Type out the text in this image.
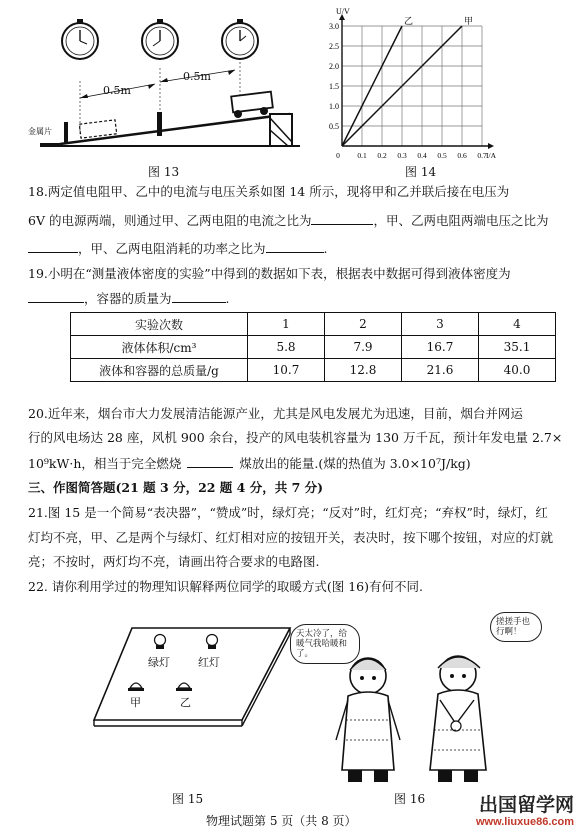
0.5m
0.5m
金属片
图 13
0.5
1.0
1.5
2.0
2.5
3.0
0 0.1 0.2 0.3 0.4 0.5 0.6 0.7
U/V
I/A
乙	甲
图 14
18.两定值电阻甲、乙中的电流与电压关系如图 14 所示，现将甲和乙并联后接在电压为
6V 的电源两端，则通过甲、乙两电阻的电流之比为	，甲、乙两电阻两端电压之比为
，甲、乙两电阻消耗的功率之比为	.
19.小明在“测量液体密度的实验”中得到的数据如下表，根据表中数据可得到液体密度为
，容器的质量为	.
实验次数	1	2	3	4
液体体积/cm³	5.8	7.9	16.7	35.1
液体和容器的总质量/g	10.7	12.8	21.6	40.0
20.近年来，烟台市大力发展清洁能源产业，尤其是风电发展尤为迅速，目前，烟台并网运
行的风电场达 28 座，风机 900 余台，投产的风电装机容量为 130 万千瓦，预计年发电量 2.7×
10⁹kW·h，相当于完全燃烧	煤放出的能量.(煤的热值为 3.0×10⁷J/kg)
三、作图简答题(21 题 3 分，22 题 4 分，共 7 分)
21.图 15 是一个简易“表决器”，“赞成”时，绿灯亮；“反对”时，红灯亮；“弃权”时，绿灯，红
灯均不亮，甲、乙是两个与绿灯、红灯相对应的按钮开关，表决时，按下哪个按钮，对应的灯就
亮；不按时，两灯均不亮，请画出符合要求的电路图.
22. 请你利用学过的物理知识解释两位同学的取暖方式(图 16)有何不同.
绿灯	红灯
甲	乙
图 15
天太冷了，给暖气我哈暖和了。
搓搓手也行啊！
图 16
物理试题第 5 页（共 8 页）
出国留学网
www.liuxue86.com
